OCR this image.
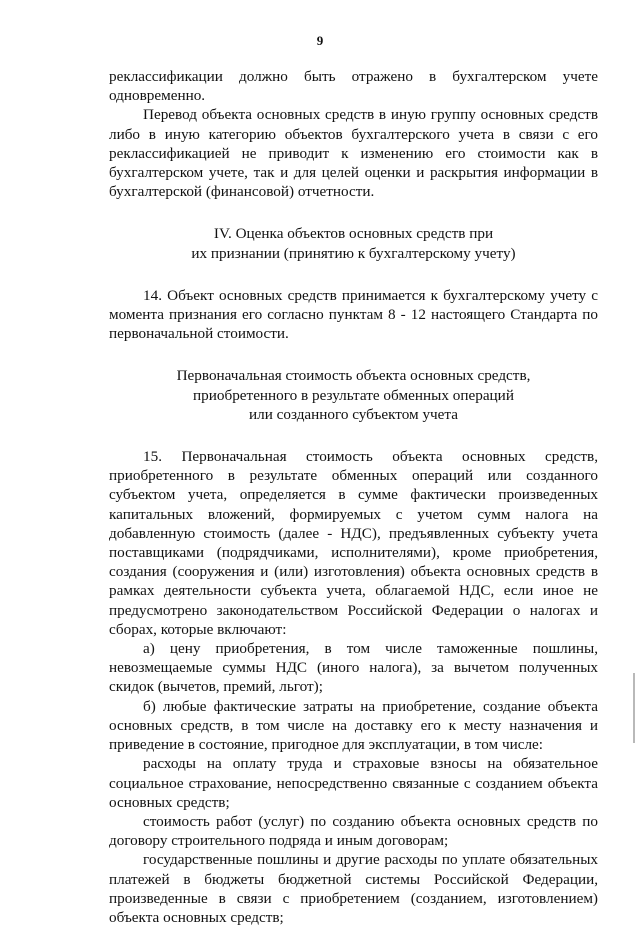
9

реклассификации должно быть отражено в бухгалтерском учете одновременно.

Перевод объекта основных средств в иную группу основных средств либо в иную категорию объектов бухгалтерского учета в связи с его реклассификацией не приводит к изменению его стоимости как в бухгалтерском учете, так и для целей оценки и раскрытия информации в бухгалтерской (финансовой) отчетности.

IV. Оценка объектов основных средств при

их признании (принятию к бухгалтерскому учету)

14. Объект основных средств принимается к бухгалтерскому учету с момента признания его согласно пунктам 8 - 12 настоящего Стандарта по первоначальной стоимости.

Первоначальная стоимость объекта основных средств,

приобретенного в результате обменных операций

или созданного субъектом учета

15. Первоначальная стоимость объекта основных средств, приобретенного в результате обменных операций или созданного субъектом учета, определяется в сумме фактически произведенных капитальных вложений, формируемых с учетом сумм налога на добавленную стоимость (далее - НДС), предъявленных субъекту учета поставщиками (подрядчиками, исполнителями), кроме приобретения, создания (сооружения и (или) изготовления) объекта основных средств в рамках деятельности субъекта учета, облагаемой НДС, если иное не предусмотрено законодательством Российской Федерации о налогах и сборах, которые включают:

а) цену приобретения, в том числе таможенные пошлины, невозмещаемые суммы НДС (иного налога), за вычетом полученных скидок (вычетов, премий, льгот);

б) любые фактические затраты на приобретение, создание объекта основных средств, в том числе на доставку его к месту назначения и приведение в состояние, пригодное для эксплуатации, в том числе:

расходы на оплату труда и страховые взносы на обязательное социальное страхование, непосредственно связанные с созданием объекта основных средств;

стоимость работ (услуг) по созданию объекта основных средств по договору строительного подряда и иным договорам;

государственные пошлины и другие расходы по уплате обязательных платежей в бюджеты бюджетной системы Российской Федерации, произведенные в связи с приобретением (созданием, изготовлением) объекта основных средств;
